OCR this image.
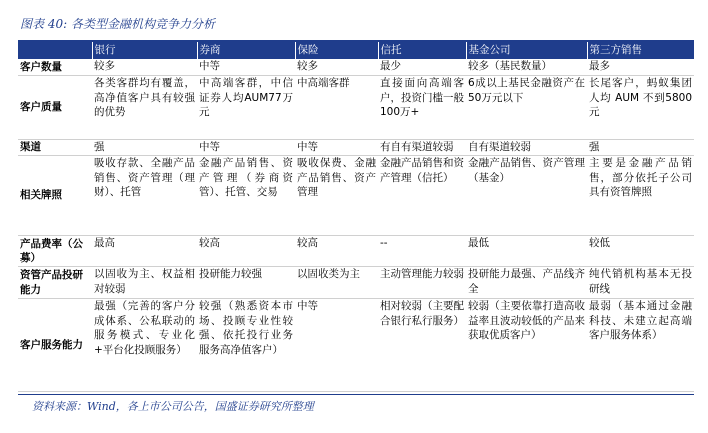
图表 40: 各类型金融机构竞争力分析
	银行	券商	保险	信托	基金公司	第三方销售
客户数量	较多	中等	较多	最少	较多（基民数量）	最多
客户质量	各类客群均有覆盖，高净值客户具有较强的优势	中高端客群，中信证券人均AUM77万元	中高端客群	直接面向高端客户，投资门槛一般100万+	6成以上基民金融资产在50万元以下	长尾客户，蚂蚁集团人均 AUM 不到5800元
渠道	强	中等	中等	有自有渠道较弱	自有渠道较弱	强
相关牌照	吸收存款、全融产品销售、资产管理（理财）、托管	金融产品销售、资产管理（券商资管）、托管、交易	吸收保费、金融产品销售、资产管理	金融产品销售和资产管理（信托）	金融产品销售、资产管理（基金）	主要是金融产品销售，部分依托子公司具有资管牌照
产品费率（公募）	最高	较高	较高	--	最低	较低
资管产品投研能力	以固收为主、权益相对较弱	投研能力较强	以固收类为主	主动管理能力较弱	投研能力最强、产品线齐全	纯代销机构基本无投研线
客户服务能力	最强（完善的客户分成体系、公私联动的服务模式、专业化+平台化投顾服务）	较强（熟悉资本市场、投顾专业性较强、依托投行业务服务高净值客户）	中等	相对较弱（主要配合银行私行服务）	较弱（主要依靠打造高收益率且波动较低的产品来获取优质客户）	最弱（基本通过金融科技、未建立起高端客户服务体系）
资料来源：Wind，各上市公司公告，国盛证券研究所整理
